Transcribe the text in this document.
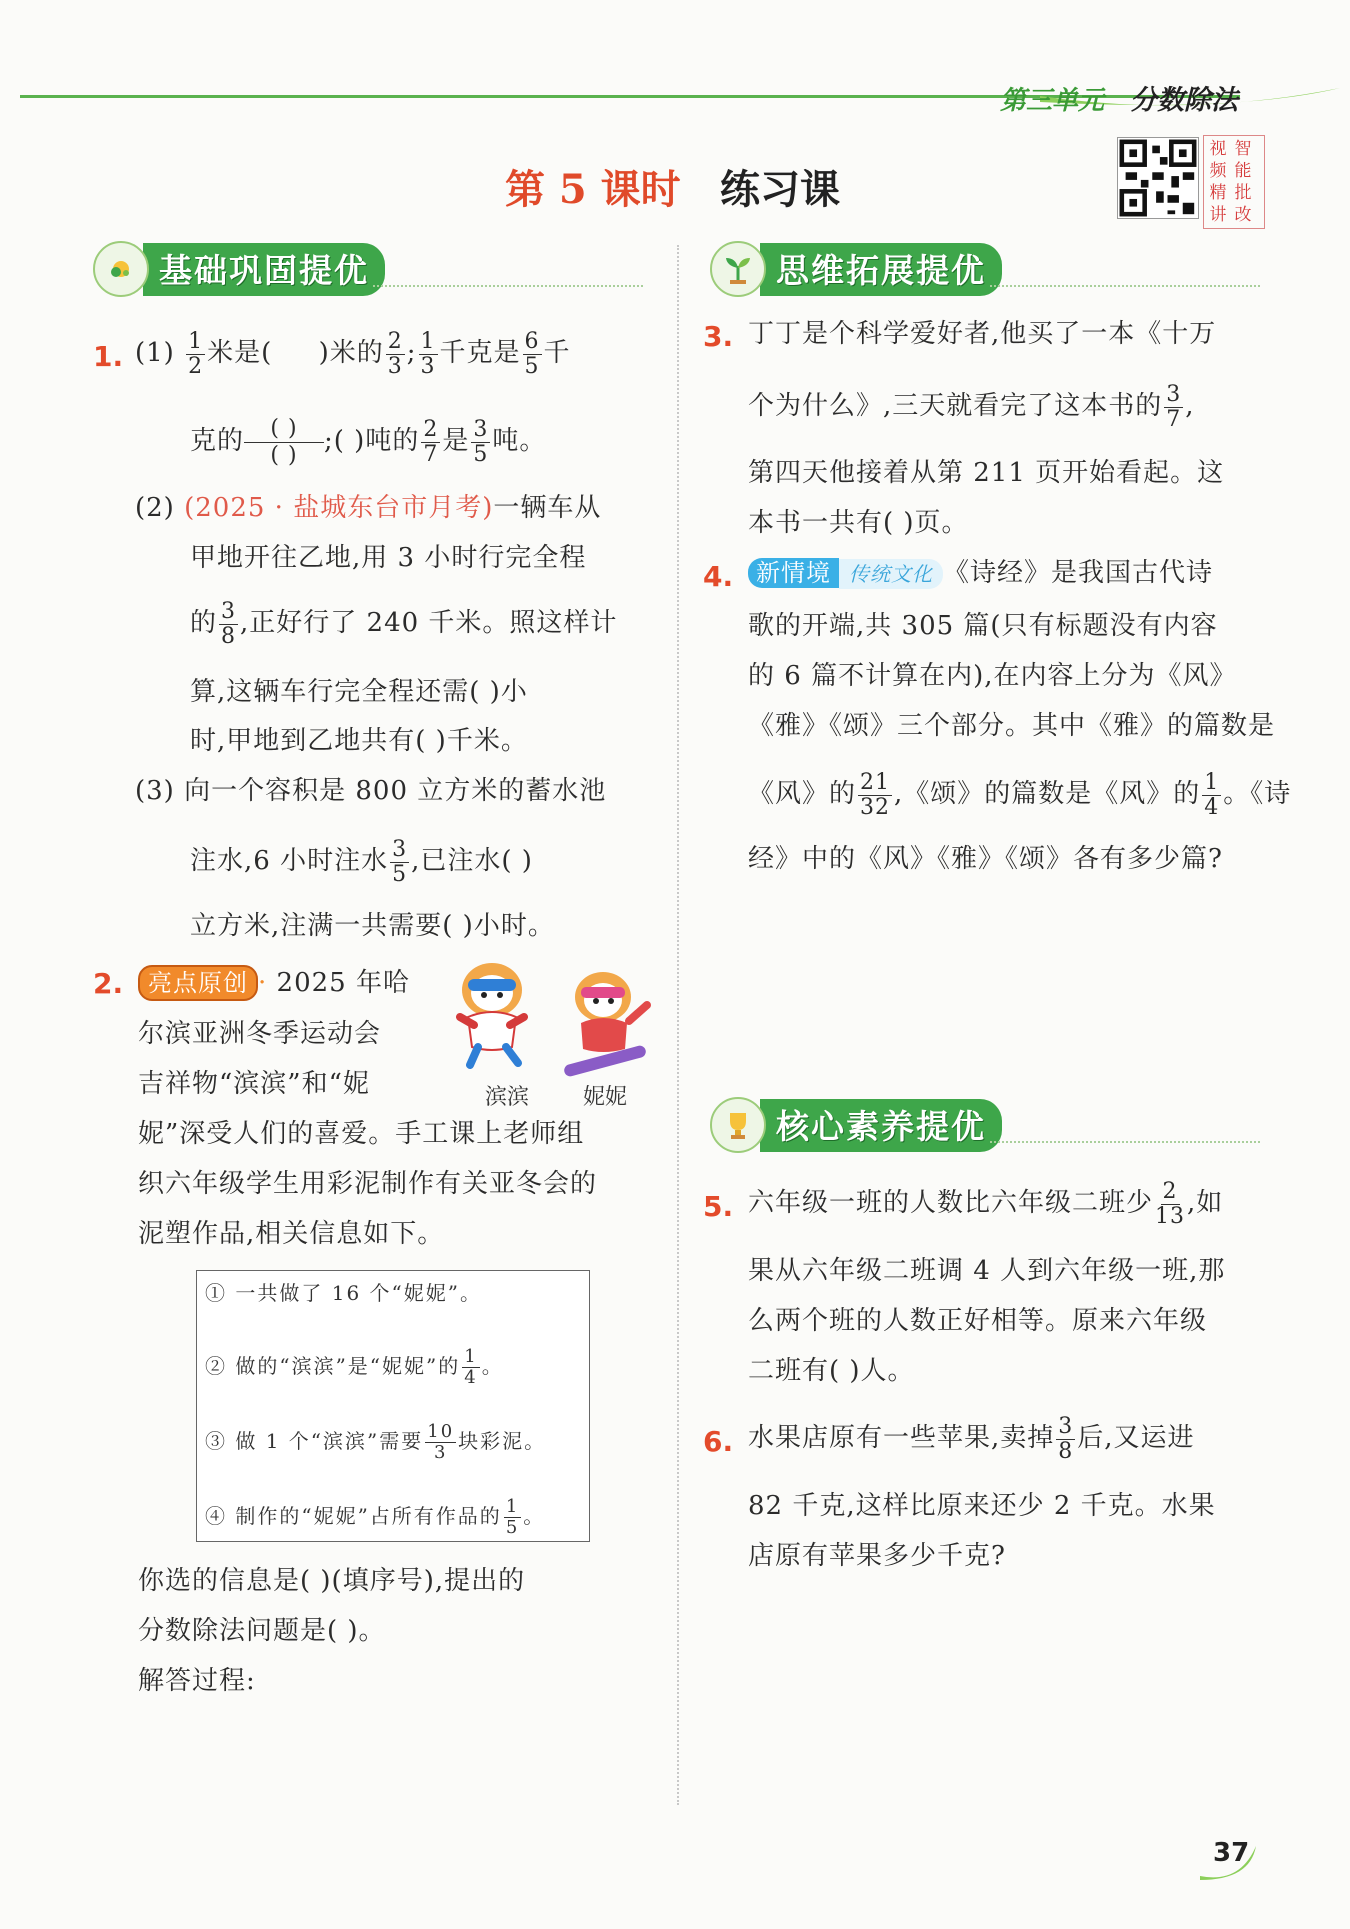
第三单元 分数除法
第 5 课时 练习课
视 智
频 能
精 批
讲 改
基础巩固提优	思维拓展提优
1. $(1) \frac{1}{2}$ 米是( )米的 $\frac{2}{3}$ ; $\frac{1}{3}$ 千克是 $\frac{6}{5}$ 千
克的 $\frac{( )}{( )}$ ;( )吨的 $\frac{2}{7}$ 是 $\frac{3}{5}$ 吨。
(2) (2025 · 盐城东台市月考)一辆车从
甲地开往乙地,用 3 小时行完全程
的 $\frac{3}{8}$ ,正好行了 240 千米。照这样计
算,这辆车行完全程还需( )小
时,甲地到乙地共有( )千米。
(3) 向一个容积是 800 立方米的蓄水池
注水,6 小时注水 $\frac{3}{5}$ ,已注水( )
立方米,注满一共需要( )小时。
2.	亮点原创 · 2025 年哈
尔滨亚洲冬季运动会
吉祥物“滨滨”和“妮
妮”深受人们的喜爱。手工课上老师组
织六年级学生用彩泥制作有关亚冬会的
泥塑作品,相关信息如下。
滨滨 妮妮
① 一共做了 16 个“妮妮”。
② 做的“滨滨”是“妮妮”的 $\frac{1}{4}$ 。
③ 做 1 个“滨滨”需要 $\frac{10}{3}$ 块彩泥。
④ 制作的“妮妮”占所有作品的 $\frac{1}{5}$ 。
你选的信息是( )(填序号),提出的
分数除法问题是( )。
解答过程:
3. 丁丁是个科学爱好者,他买了一本《十万
个为什么》,三天就看完了这本书的 $\frac{3}{7}$ ,
第四天他接着从第 211 页开始看起。这
本书一共有( )页。
4. 新情境 传统文化 《诗经》是我国古代诗
歌的开端,共 305 篇(只有标题没有内容
的 6 篇不计算在内),在内容上分为《风》
《雅》《颂》三个部分。其中《雅》的篇数是
《风》的 $\frac{21}{32}$ ,《颂》的篇数是《风》的 $\frac{1}{4}$ 。《诗
经》中的《风》《雅》《颂》各有多少篇?
核心素养提优
5. 六年级一班的人数比六年级二班少 $\frac{2}{13}$ ,如
果从六年级二班调 4 人到六年级一班,那
么两个班的人数正好相等。原来六年级
二班有( )人。
6. 水果店原有一些苹果,卖掉 $\frac{3}{8}$ 后,又运进
82 千克,这样比原来还少 2 千克。水果
店原有苹果多少千克?
37
